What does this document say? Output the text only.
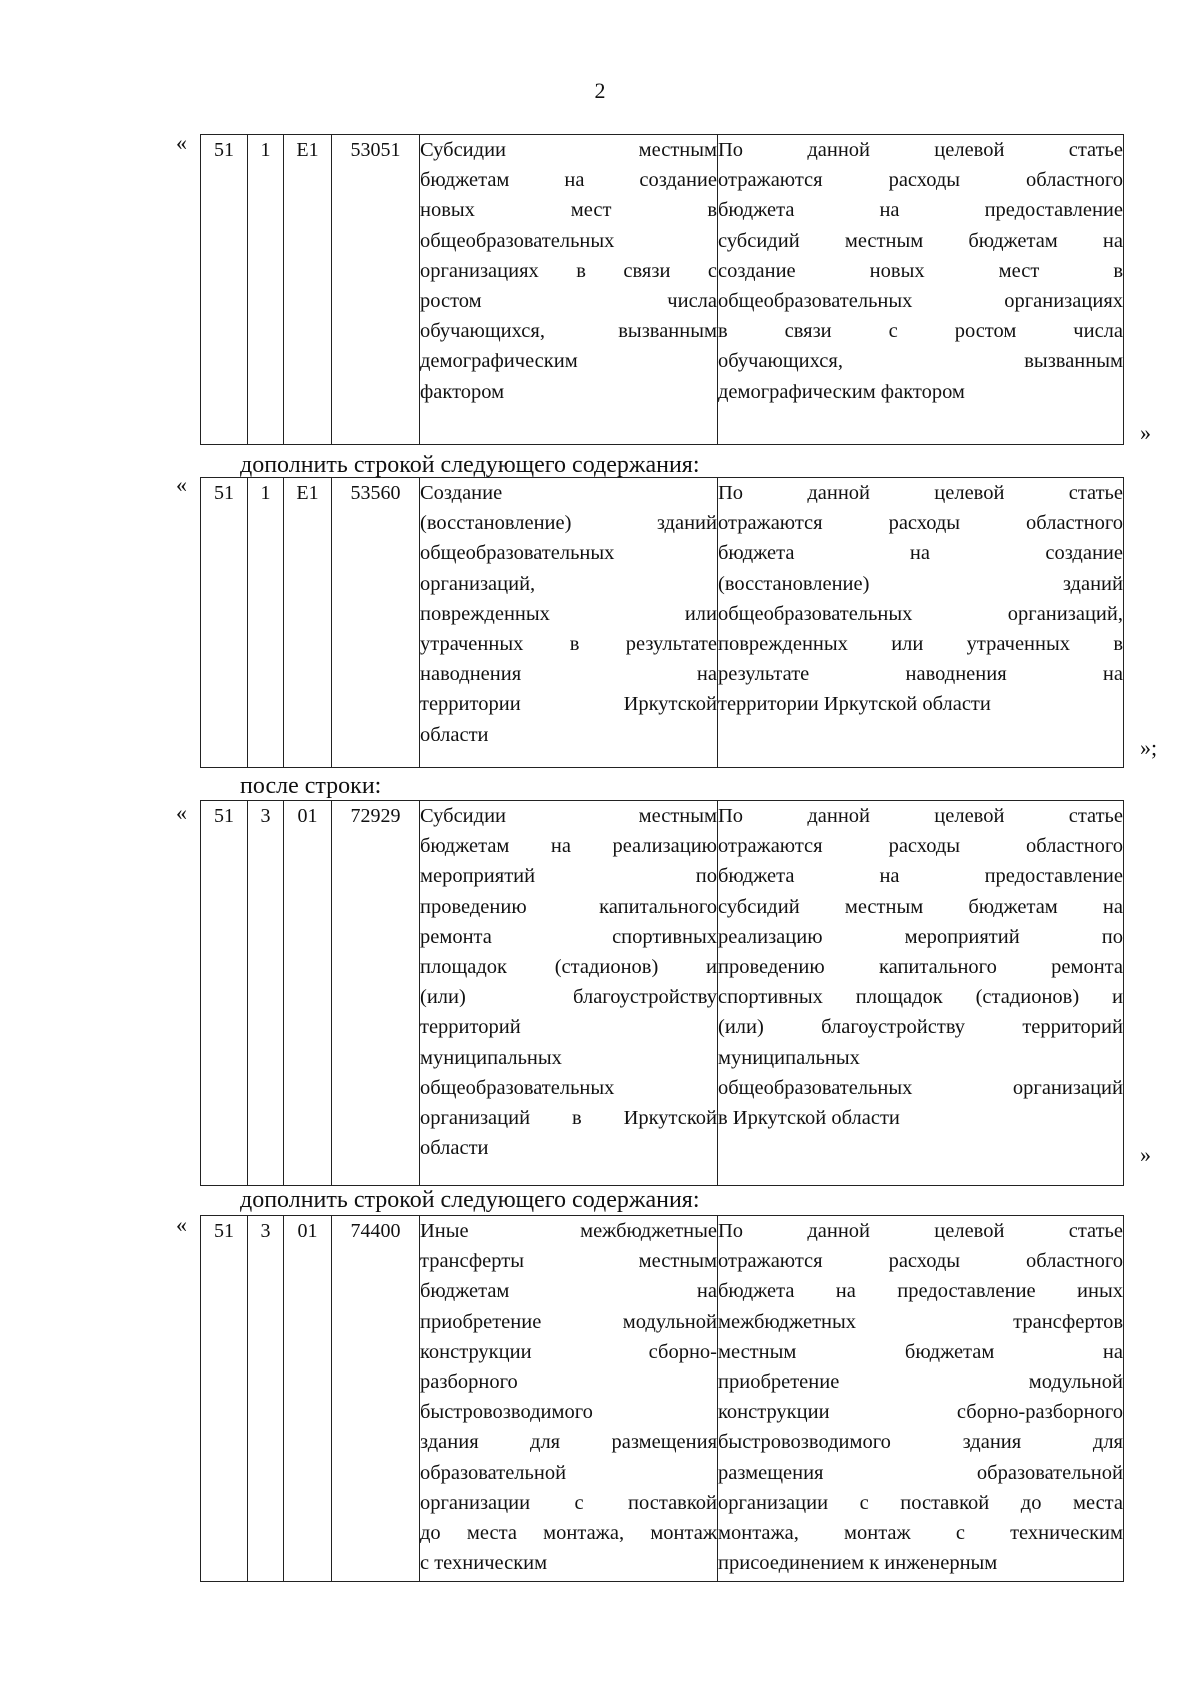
2
« 51	1	E1	53051	Субсидии местным
бюджетам на создание
новых мест в
общеобразовательных
организациях в связи с
ростом числа
обучающихся, вызванным
демографическим
фактором

По данной целевой статье
отражаются расходы областного
бюджета на предоставление
субсидий местным бюджетам на
создание новых мест в
общеобразовательных организациях
в связи с ростом числа
обучающихся, вызванным
демографическим фактором
»
дополнить строкой следующего содержания:
« 51	1	E1	53560	Создание
(восстановление) зданий
общеобразовательных
организаций,
поврежденных или
утраченных в результате
наводнения на
территории Иркутской
области

По данной целевой статье
отражаются расходы областного
бюджета на создание
(восстановление) зданий
общеобразовательных организаций,
поврежденных или утраченных в
результате наводнения на
территории Иркутской области
»;
после строки:
« 51	3	01	72929	Субсидии местным
бюджетам на реализацию
мероприятий по
проведению капитального
ремонта спортивных
площадок (стадионов) и
(или) благоустройству
территорий
муниципальных
общеобразовательных
организаций в Иркутской
области

По данной целевой статье
отражаются расходы областного
бюджета на предоставление
субсидий местным бюджетам на
реализацию мероприятий по
проведению капитального ремонта
спортивных площадок (стадионов) и
(или) благоустройству территорий
муниципальных
общеобразовательных организаций
в Иркутской области
»
дополнить строкой следующего содержания:
« 51	3	01	74400	Иные межбюджетные
трансферты местным
бюджетам на
приобретение модульной
конструкции сборно-
разборного
быстровозводимого
здания для размещения
образовательной
организации с поставкой
до места монтажа, монтаж
с техническим

По данной целевой статье
отражаются расходы областного
бюджета на предоставление иных
межбюджетных трансфертов
местным бюджетам на
приобретение модульной
конструкции сборно-разборного
быстровозводимого здания для
размещения образовательной
организации с поставкой до места
монтажа, монтаж с техническим
присоединением к инженерным
